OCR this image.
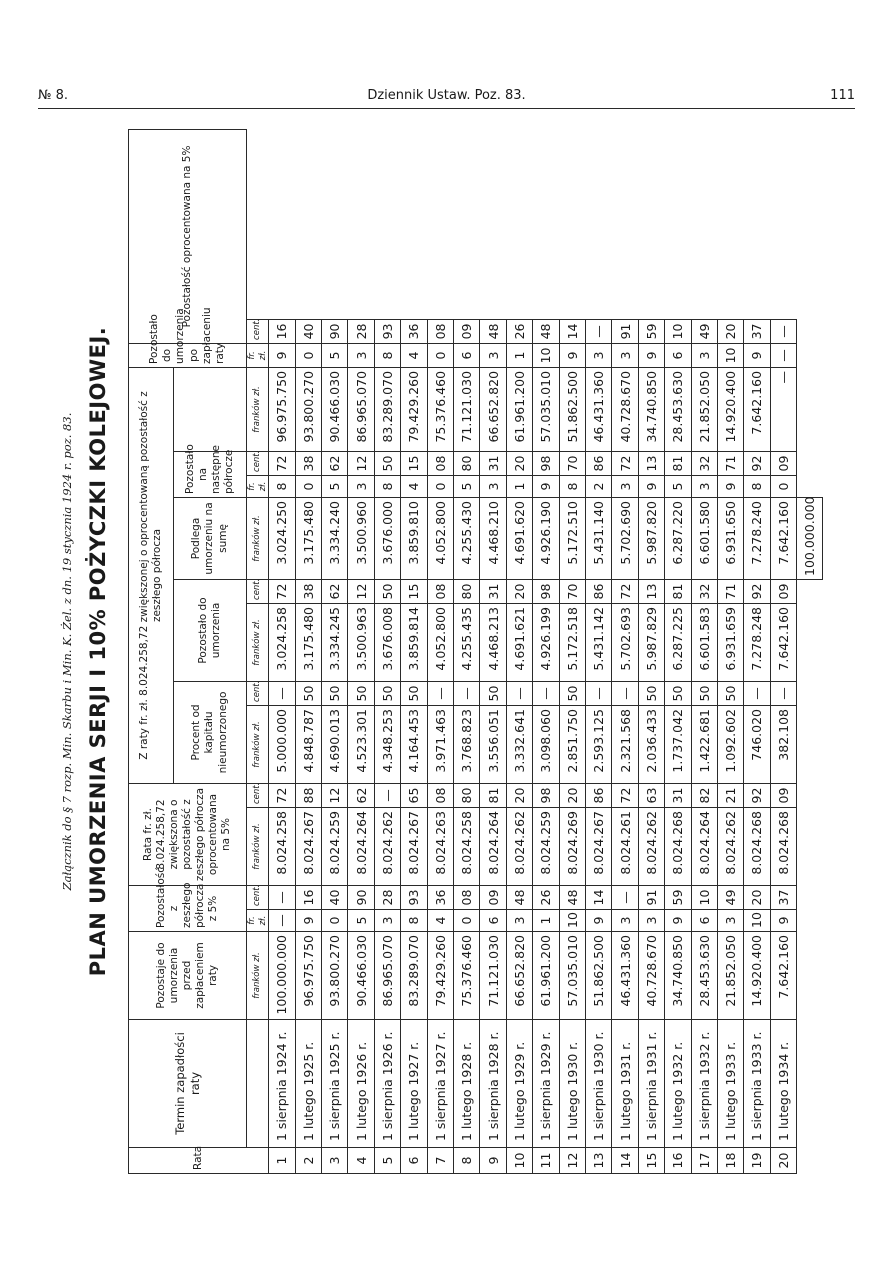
№ 8.	Dziennik Ustaw. Poz. 83.	111
Załącznik do § 7 rozp. Min. Skarbu i Min. K. Żel. z dn. 19 stycznia 1924 r. poz. 83. PLAN UMORZENIA SERJI I 10% POŻYCZKI KOLEJOWEJ.
Rata	Termin zapadłości raty	Pozostaje do umorzenia przed zapłaceniem raty	Pozostałość z zeszłego półrocza z 5%		Rata fr. zł. 8.024.258,72 zwiększona o pozostałość z zeszłego półrocza oprocentowana na 5%		Z raty fr. zł. 8.024.258,72 zwiększonej o oprocentowaną pozostałość z zeszłego półrocza								Pozostało do umorzenia po zapłaceniu raty	Pozostałość oprocentowana na 5%
							Procent od kapitału nieumorzonego		Pozostało do umorzenia		Podlega umorzeniu na sumę	Pozostało na następne półrocze				
		franków zł.	fr. zł.	cent.	franków zł.	cent.	franków zł.	cent.	franków zł.	cent.	franków zł.	fr. zł.	cent.	franków zł.	fr. zł.	cent.
1	1 sierpnia 1924 r.	100.000.000	—	—	8.024.258	72	5.000.000	—	3.024.258	72	3.024.250	8	72	96.975.750	9	16
2	1 lutego 1925 r.	96.975.750	9	16	8.024.267	88	4.848.787	50	3.175.480	38	3.175.480	0	38	93.800.270	0	40
3	1 sierpnia 1925 r.	93.800.270	0	40	8.024.259	12	4.690.013	50	3.334.245	62	3.334.240	5	62	90.466.030	5	90
4	1 lutego 1926 r.	90.466.030	5	90	8.024.264	62	4.523.301	50	3.500.963	12	3.500.960	3	12	86.965.070	3	28
5	1 sierpnia 1926 r.	86.965.070	3	28	8.024.262	—	4.348.253	50	3.676.008	50	3.676.000	8	50	83.289.070	8	93
6	1 lutego 1927 r.	83.289.070	8	93	8.024.267	65	4.164.453	50	3.859.814	15	3.859.810	4	15	79.429.260	4	36
7	1 sierpnia 1927 r.	79.429.260	4	36	8.024.263	08	3.971.463	—	4.052.800	08	4.052.800	0	08	75.376.460	0	08
8	1 lutego 1928 r.	75.376.460	0	08	8.024.258	80	3.768.823	—	4.255.435	80	4.255.430	5	80	71.121.030	6	09
9	1 sierpnia 1928 r.	71.121.030	6	09	8.024.264	81	3.556.051	50	4.468.213	31	4.468.210	3	31	66.652.820	3	48
10	1 lutego 1929 r.	66.652.820	3	48	8.024.262	20	3.332.641	—	4.691.621	20	4.691.620	1	20	61.961.200	1	26
11	1 sierpnia 1929 r.	61.961.200	1	26	8.024.259	98	3.098.060	—	4.926.199	98	4.926.190	9	98	57.035.010	10	48
12	1 lutego 1930 r.	57.035.010	10	48	8.024.269	20	2.851.750	50	5.172.518	70	5.172.510	8	70	51.862.500	9	14
13	1 sierpnia 1930 r.	51.862.500	9	14	8.024.267	86	2.593.125	—	5.431.142	86	5.431.140	2	86	46.431.360	3	—
14	1 lutego 1931 r.	46.431.360	3	—	8.024.261	72	2.321.568	—	5.702.693	72	5.702.690	3	72	40.728.670	3	91
15	1 sierpnia 1931 r.	40.728.670	3	91	8.024.262	63	2.036.433	50	5.987.829	13	5.987.820	9	13	34.740.850	9	59
16	1 lutego 1932 r.	34.740.850	9	59	8.024.268	31	1.737.042	50	6.287.225	81	6.287.220	5	81	28.453.630	6	10
17	1 sierpnia 1932 r.	28.453.630	6	10	8.024.264	82	1.422.681	50	6.601.583	32	6.601.580	3	32	21.852.050	3	49
18	1 lutego 1933 r.	21.852.050	3	49	8.024.262	21	1.092.602	50	6.931.659	71	6.931.650	9	71	14.920.400	10	20
19	1 sierpnia 1933 r.	14.920.400	10	20	8.024.268	92	746.020	—	7.278.248	92	7.278.240	8	92	7.642.160	9	37
20	1 lutego 1934 r.	7.642.160	9	37	8.024.268	09	382.108	—	7.642.160	09	7.642.160	0	09	—	—	—
											100.000.000					
